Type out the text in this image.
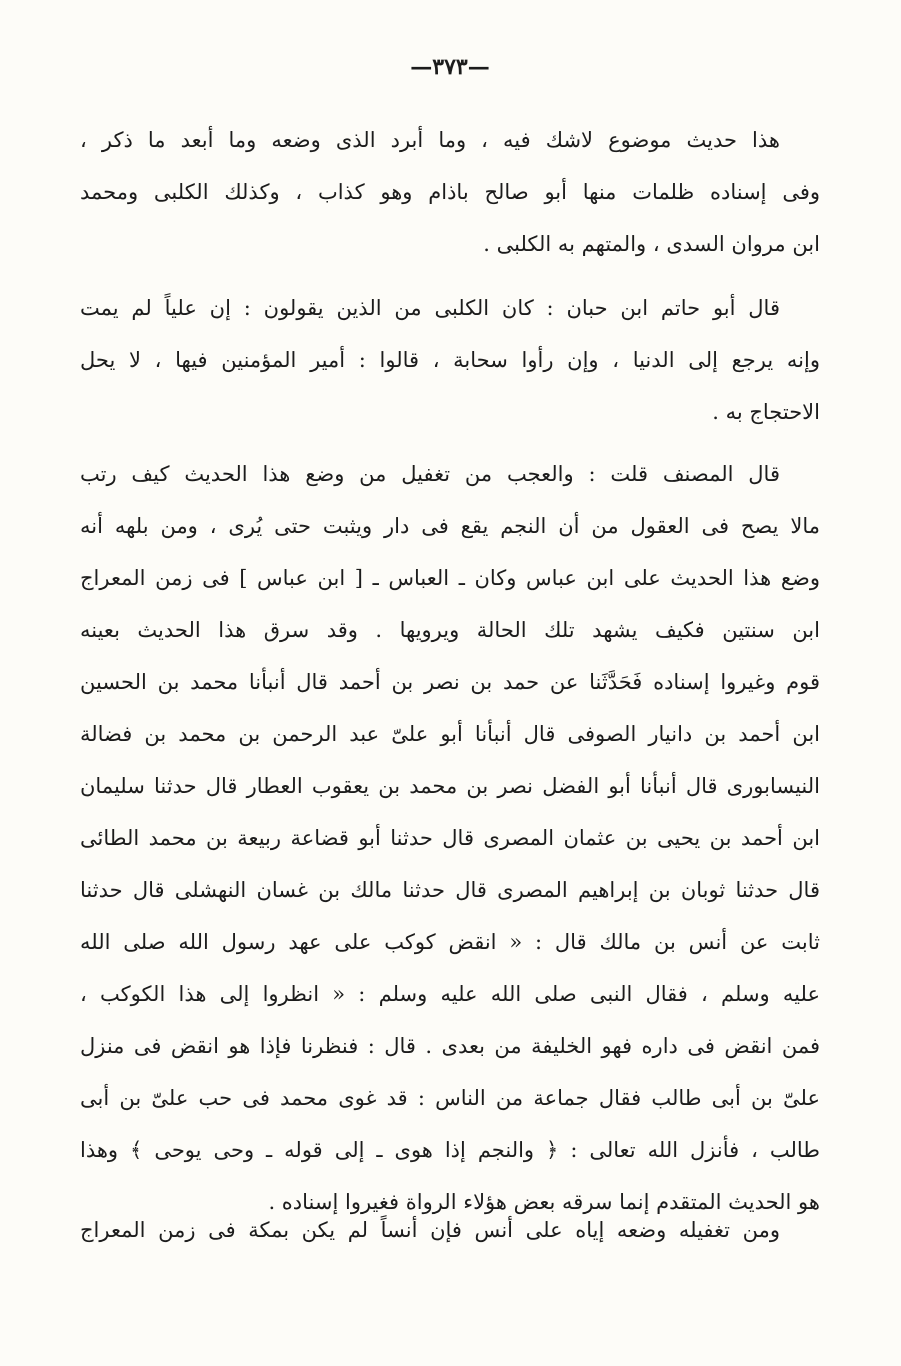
—٣٧٣—

هذا حديث موضوع لاشك فيه ، وما أبرد الذى وضعه وما أبعد ما ذكر ،
وفى إسناده ظلمات منها أبو صالح باذام وهو كذاب ، وكذلك الكلبى ومحمد
ابن مروان السدى ، والمتهم به الكلبى .

قال أبو حاتم ابن حبان : كان الكلبى من الذين يقولون : إن علياً لم يمت
وإنه يرجع إلى الدنيا ، وإن رأوا سحابة ، قالوا : أمير المؤمنين فيها ، لا يحل
الاحتجاج به .

قال المصنف قلت : والعجب من تغفيل من وضع هذا الحديث كيف رتب
مالا يصح فى العقول من أن النجم يقع فى دار ويثبت حتى يُرى ، ومن بلهه أنه
وضع هذا الحديث على ابن عباس وكان ـ العباس ـ [ ابن عباس ] فى زمن المعراج
ابن سنتين فكيف يشهد تلك الحالة ويرويها . وقد سرق هذا الحديث بعينه
قوم وغيروا إسناده فَحَدَّثَنا عن حمد بن نصر بن أحمد قال أنبأنا محمد بن الحسين
ابن أحمد بن دانيار الصوفى قال أنبأنا أبو علىّ عبد الرحمن بن محمد بن فضالة
النيسابورى قال أنبأنا أبو الفضل نصر بن محمد بن يعقوب العطار قال حدثنا سليمان
ابن أحمد بن يحيى بن عثمان المصرى قال حدثنا أبو قضاعة ربيعة بن محمد الطائى
قال حدثنا ثوبان بن إبراهيم المصرى قال حدثنا مالك بن غسان النهشلى قال حدثنا
ثابت عن أنس بن مالك قال : « انقض كوكب على عهد رسول الله صلى الله
عليه وسلم ، فقال النبى صلى الله عليه وسلم : « انظروا إلى هذا الكوكب ،
فمن انقض فى داره فهو الخليفة من بعدى . قال : فنظرنا فإذا هو انقض فى منزل
علىّ بن أبى طالب فقال جماعة من الناس : قد غوى محمد فى حب علىّ بن أبى
طالب ، فأنزل الله تعالى : ﴿ والنجم إذا هوى ـ إلى قوله ـ وحى يوحى ﴾ وهذا
هو الحديث المتقدم إنما سرقه بعض هؤلاء الرواة فغيروا إسناده .

ومن تغفيله وضعه إياه على أنس فإن أنساً لم يكن بمكة فى زمن المعراج
